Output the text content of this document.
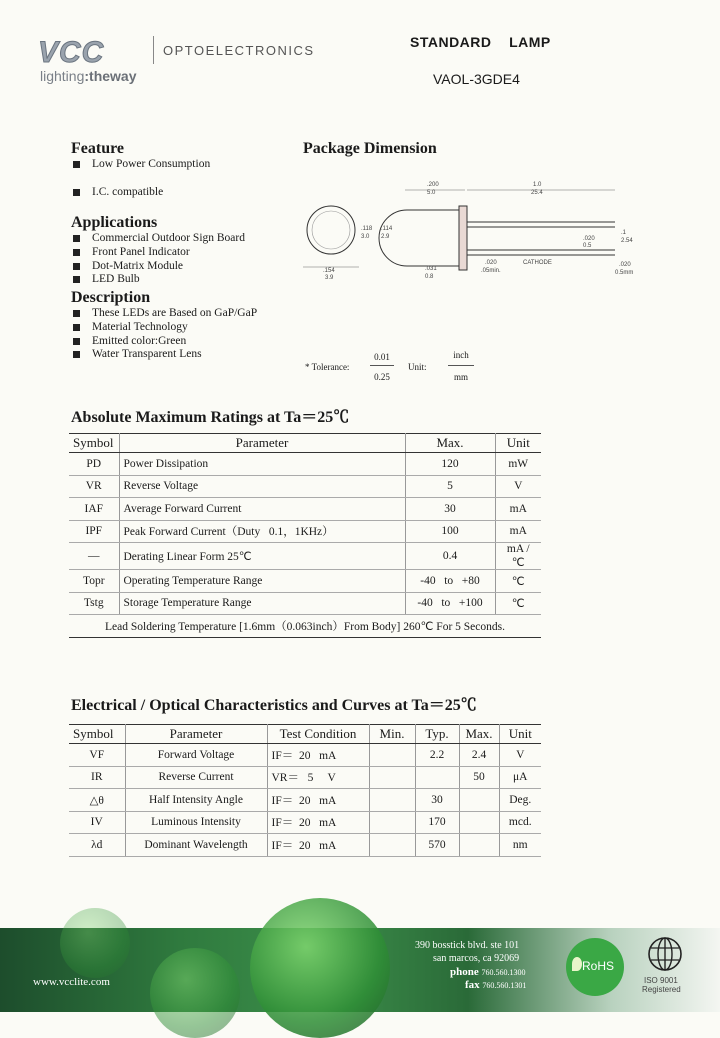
VCC
lighting:theway
OPTOELECTRONICS
STANDARD    LAMP
VAOL-3GDE4
Feature
Low Power Consumption
I.C. compatible
Applications
Commercial Outdoor Sign Board
Front Panel Indicator
Dot-Matrix Module
LED Bulb
Description
These LEDs are Based on GaP/GaP
Material Technology
Emitted color:Green
Water Transparent Lens
Package Dimension
3.9
.154
.118
3.0
.114
2.9
.200
5.0
1.0
25.4
.031
0.8
.020
.05min.
CATHODE
.020
0.5
.1
2.54
.020
0.5mm
* Tolerance:
0.01
0.25
Unit:
inch
mm
Absolute Maximum Ratings at Ta＝25℃
Symbol	Parameter	Max.	Unit
PD	Power Dissipation	120	mW
VR	Reverse Voltage	5	V
IAF	Average Forward Current	30	mA
IPF	Peak Forward Current（Duty   0.1，1KHz）	100	mA
—	Derating Linear Form 25℃	0.4	mA / ℃
Topr	Operating Temperature Range	-40   to   +80	℃
Tstg	Storage Temperature Range	-40   to   +100	℃
Lead Soldering Temperature [1.6mm（0.063inch）From Body] 260℃ For 5 Seconds.			
Electrical / Optical Characteristics and Curves at Ta＝25℃
Symbol	Parameter	Test Condition	Min.	Typ.	Max.	Unit
VF	Forward Voltage	IF＝  20   mA		2.2	2.4	V
IR	Reverse Current	VR＝   5     V			50	μA
△θ	Half Intensity Angle	IF＝  20   mA		30		Deg.
IV	Luminous Intensity	IF＝  20   mA		170		mcd.
λd	Dominant Wavelength	IF＝  20   mA		570		nm
www.vcclite.com
390 bosstick blvd. ste 101
san marcos, ca 92069
phone 760.560.1300
fax 760.560.1301
RoHS
ISO 9001
Registered
